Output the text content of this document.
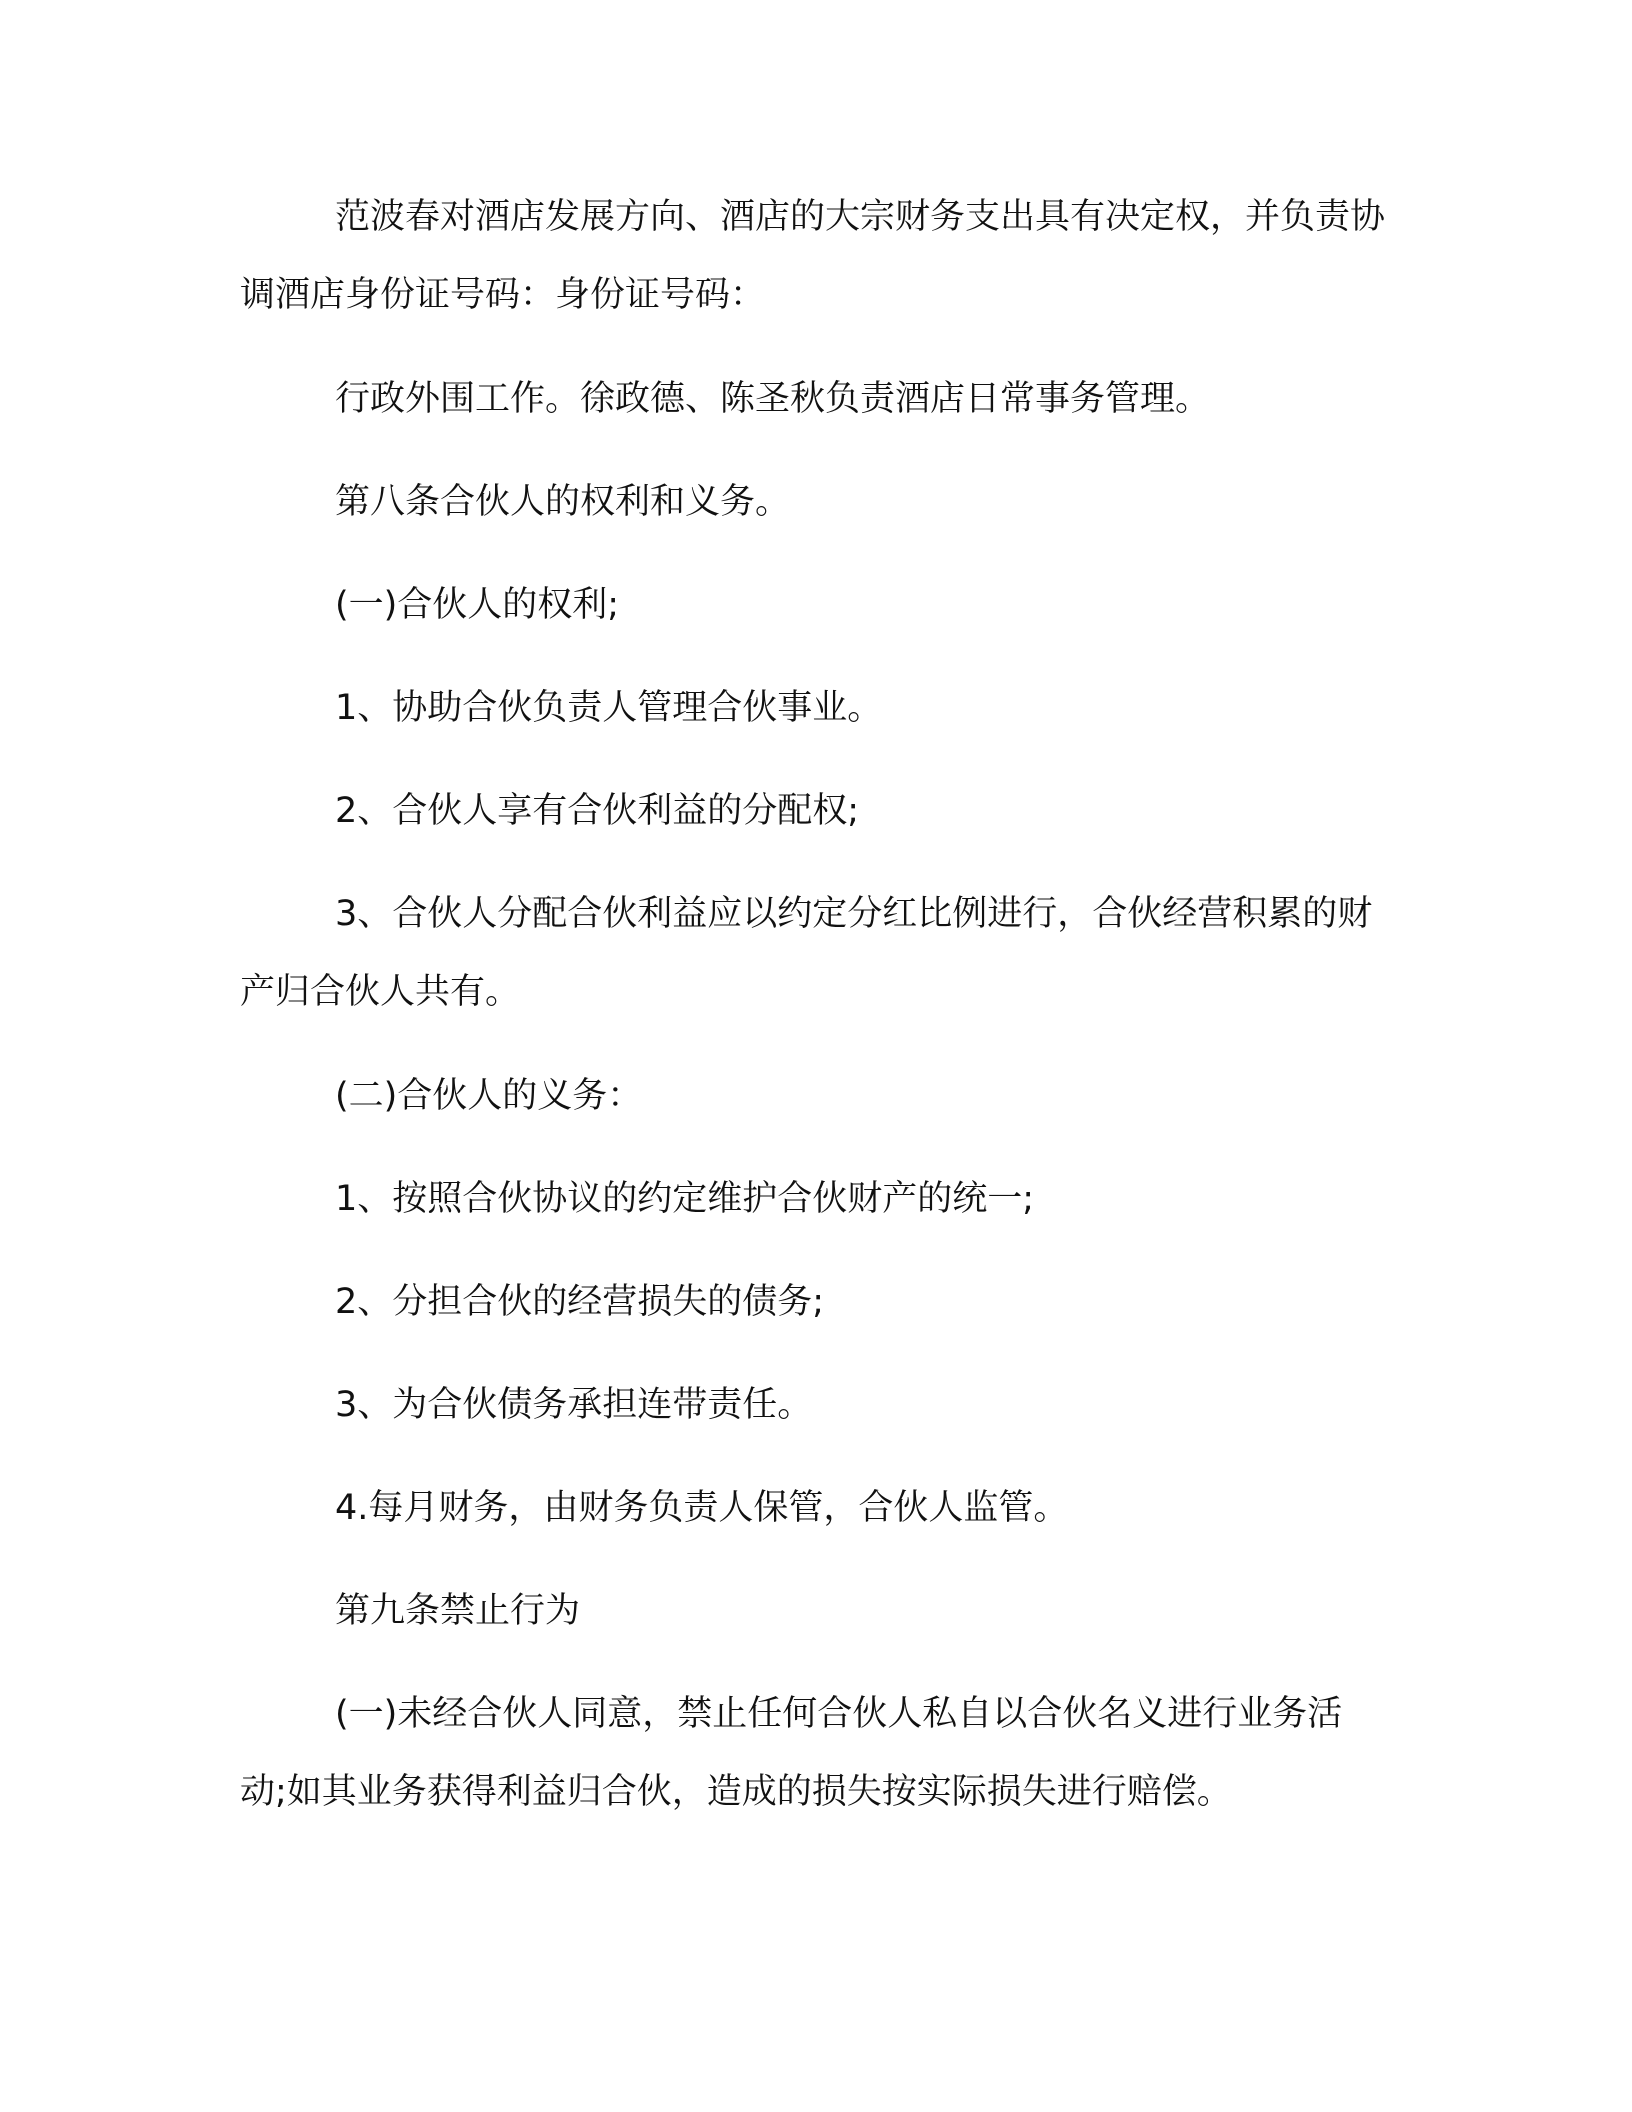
范波春对酒店发展方向、酒店的大宗财务支出具有决定权，并负责协调酒店身份证号码：身份证号码：

行政外围工作。徐政德、陈圣秋负责酒店日常事务管理。

第八条合伙人的权利和义务。

(一)合伙人的权利;

1、协助合伙负责人管理合伙事业。

2、合伙人享有合伙利益的分配权;

3、合伙人分配合伙利益应以约定分红比例进行，合伙经营积累的财产归合伙人共有。

(二)合伙人的义务：

1、按照合伙协议的约定维护合伙财产的统一;

2、分担合伙的经营损失的债务;

3、为合伙债务承担连带责任。

4.每月财务，由财务负责人保管，合伙人监管。

第九条禁止行为

(一)未经合伙人同意，禁止任何合伙人私自以合伙名义进行业务活动;如其业务获得利益归合伙，造成的损失按实际损失进行赔偿。
